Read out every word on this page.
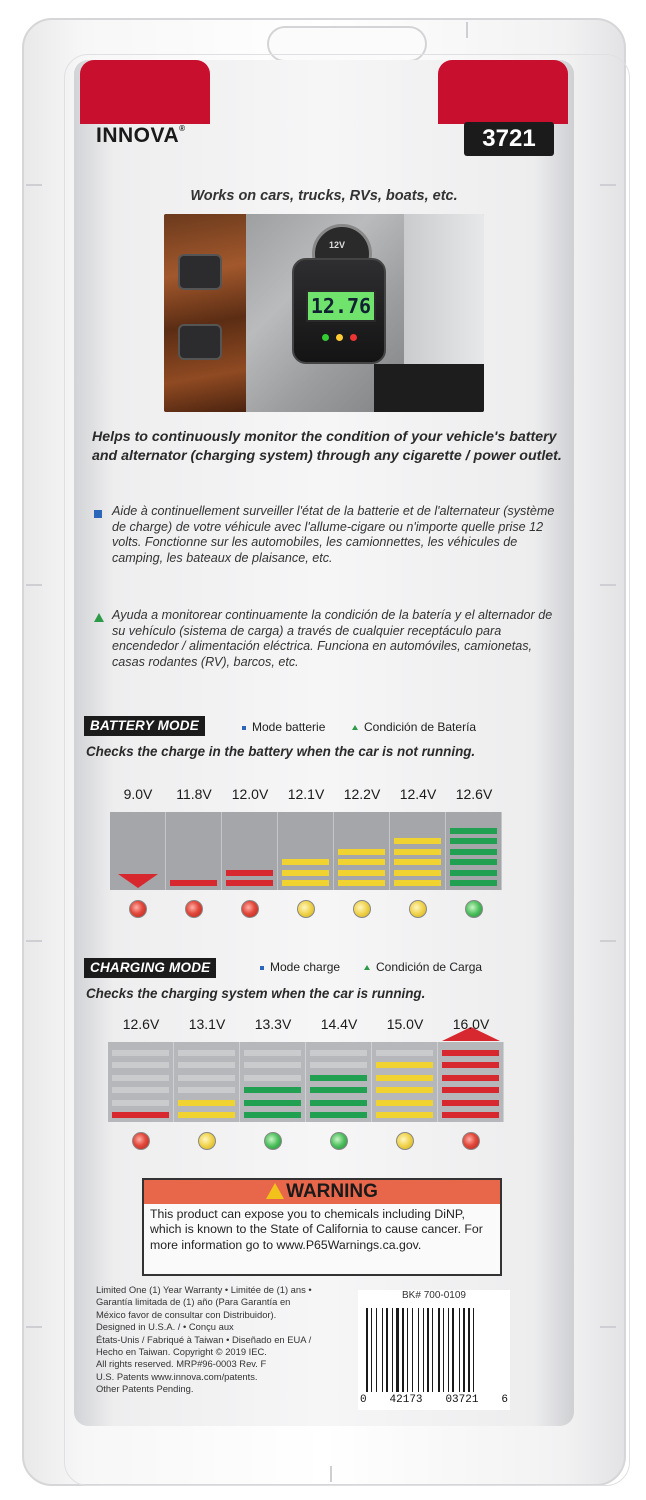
INNOVA®	3721
Works on cars, trucks, RVs, boats, etc.
12V
12.76
Helps to continuously monitor the condition of your vehicle's battery and alternator (charging system) through any cigarette / power outlet.
Aide à continuellement surveiller l'état de la batterie et de l'alternateur (système de charge) de votre véhicule avec l'allume-cigare ou n'importe quelle prise 12 volts. Fonctionne sur les automobiles, les camionnettes, les véhicules de camping, les bateaux de plaisance, etc.
Ayuda a monitorear continuamente la condición de la batería y el alternador de su vehículo (sistema de carga) a través de cualquier receptáculo para encendedor / alimentación eléctrica. Funciona en automóviles, camionetas, casas rodantes (RV), barcos, etc.
BATTERY MODE	Mode batterie	Condición de Batería
Checks the charge in the battery when the car is not running.
9.0V	11.8V	12.0V	12.1V	12.2V	12.4V	12.6V
CHARGING MODE	Mode charge	Condición de Carga
Checks the charging system when the car is running.
12.6V	13.1V	13.3V	14.4V	15.0V	16.0V
WARNING
This product can expose you to chemicals including DiNP, which is known to the State of California to cause cancer. For more information go to www.P65Warnings.ca.gov.
Limited One (1) Year Warranty • Limitée de (1) ans •
Garantía limitada de (1) año (Para Garantía en
México favor de consultar con Distribuidor).
Designed in U.S.A. / • Conçu aux
États-Unis / Fabriqué à Taiwan • Diseñado en EUA /
Hecho en Taiwan. Copyright © 2019 IEC.
All rights reserved. MRP#96-0003 Rev. F
U.S. Patents www.innova.com/patents.
Other Patents Pending.
BK# 700-0109
0 42173 03721 6
